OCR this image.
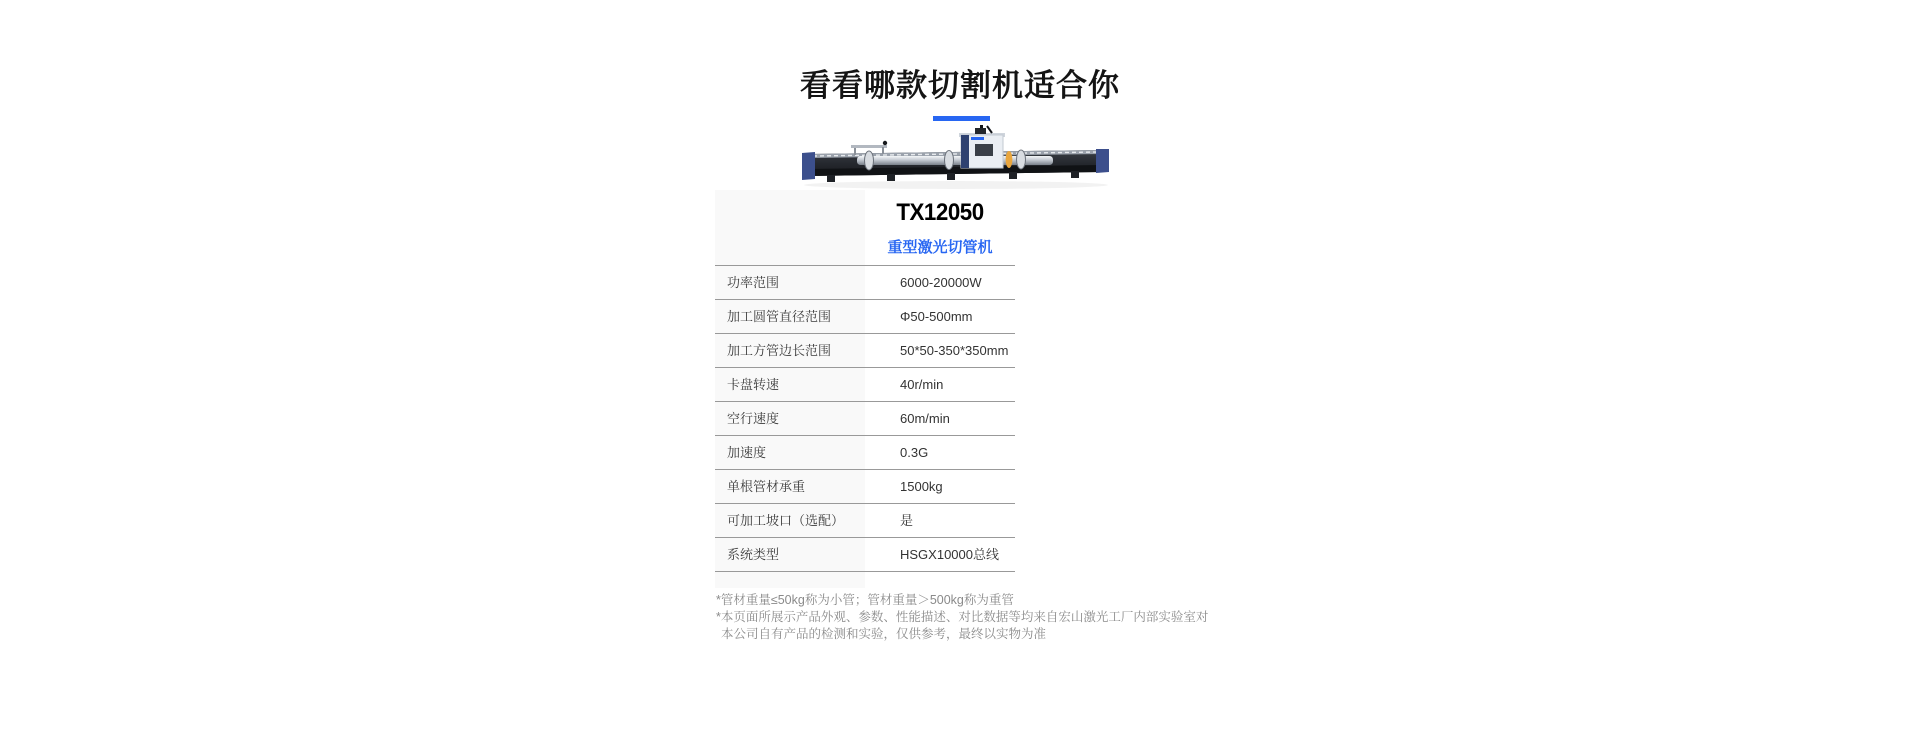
看看哪款切割机适合你
TX12050
重型激光切管机
功率范围	6000-20000W
加工圆管直径范围	Φ50-500mm
加工方管边长范围	50*50-350*350mm
卡盘转速	40r/min
空行速度	60m/min
加速度	0.3G
单根管材承重	1500kg
可加工坡口（选配）	是
系统类型	HSGX10000总线
*管材重量≤50kg称为小管；管材重量＞500kg称为重管
*本页面所展示产品外观、参数、性能描述、对比数据等均来自宏山激光工厂内部实验室对
本公司自有产品的检测和实验，仅供参考，最终以实物为准
